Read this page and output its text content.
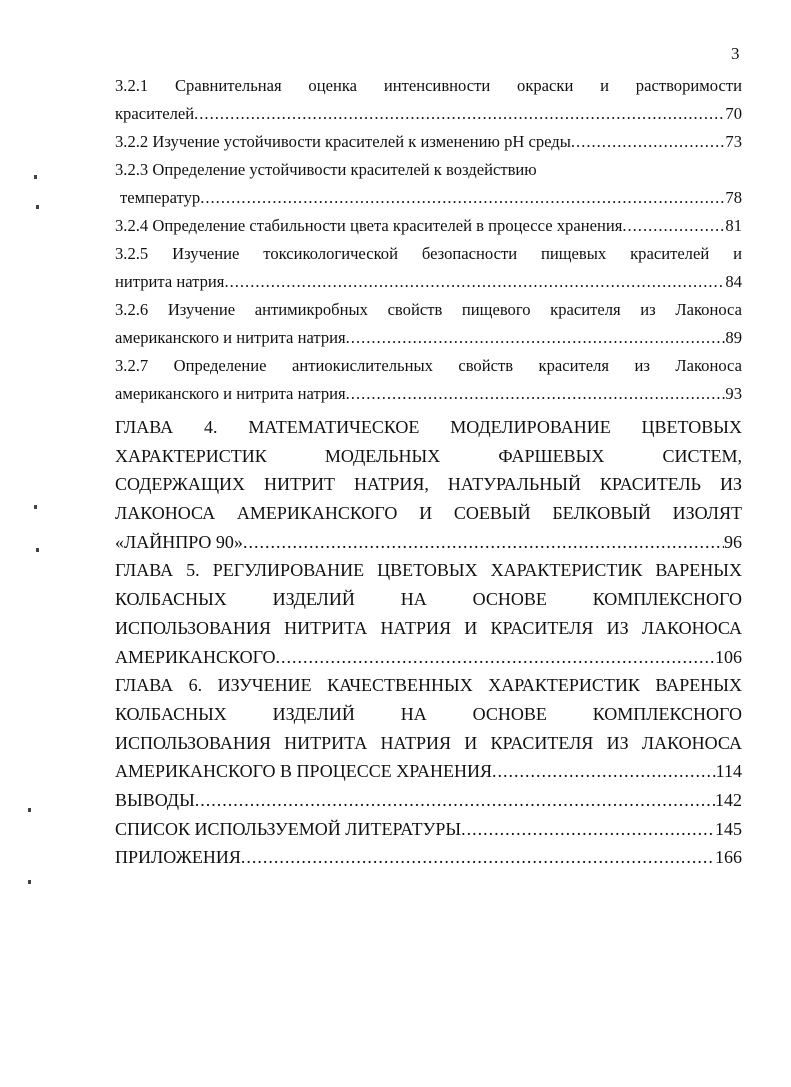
3
3.2.1 Сравнительная оценка интенсивности окраски и растворимости
красителей .....	70
3.2.2 Изучение устойчивости красителей к изменению pH среды .....	73
3.2.3 Определение устойчивости красителей к воздействию
температур .....	78
3.2.4 Определение стабильности цвета красителей в процессе хранения .....	81
3.2.5 Изучение токсикологической безопасности пищевых красителей и
нитрита натрия .....	84
3.2.6 Изучение антимикробных свойств пищевого красителя из Лаконоса
американского и нитрита натрия .....	89
3.2.7 Определение антиокислительных свойств красителя из Лаконоса
американского и нитрита натрия .....	93
ГЛАВА 4. МАТЕМАТИЧЕСКОЕ МОДЕЛИРОВАНИЕ ЦВЕТОВЫХ
ХАРАКТЕРИСТИК МОДЕЛЬНЫХ ФАРШЕВЫХ СИСТЕМ,
СОДЕРЖАЩИХ НИТРИТ НАТРИЯ, НАТУРАЛЬНЫЙ КРАСИТЕЛЬ ИЗ
ЛАКОНОСА АМЕРИКАНСКОГО И СОЕВЫЙ БЕЛКОВЫЙ ИЗОЛЯТ
«ЛАЙНПРО 90» .....	96
ГЛАВА 5. РЕГУЛИРОВАНИЕ ЦВЕТОВЫХ ХАРАКТЕРИСТИК ВАРЕНЫХ
КОЛБАСНЫХ ИЗДЕЛИЙ НА ОСНОВЕ КОМПЛЕКСНОГО
ИСПОЛЬЗОВАНИЯ НИТРИТА НАТРИЯ И КРАСИТЕЛЯ ИЗ ЛАКОНОСА
АМЕРИКАНСКОГО .....	106
ГЛАВА 6. ИЗУЧЕНИЕ КАЧЕСТВЕННЫХ ХАРАКТЕРИСТИК ВАРЕНЫХ
КОЛБАСНЫХ ИЗДЕЛИЙ НА ОСНОВЕ КОМПЛЕКСНОГО
ИСПОЛЬЗОВАНИЯ НИТРИТА НАТРИЯ И КРАСИТЕЛЯ ИЗ ЛАКОНОСА
АМЕРИКАНСКОГО В ПРОЦЕССЕ ХРАНЕНИЯ .....	114
ВЫВОДЫ .....	142
СПИСОК ИСПОЛЬЗУЕМОЙ ЛИТЕРАТУРЫ .....	145
ПРИЛОЖЕНИЯ .....	166
